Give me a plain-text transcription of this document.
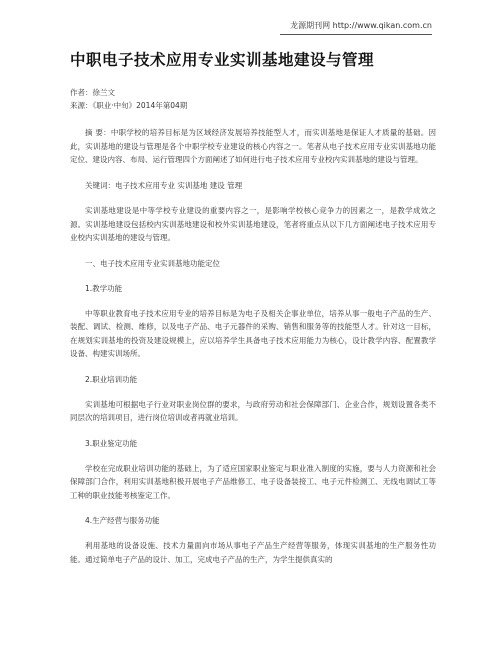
龙源期刊网 http://www.qikan.com.cn
中职电子技术应用专业实训基地建设与管理

作者：徐兰文

来源：《职业·中旬》2014年第04期

摘 要：中职学校的培养目标是为区域经济发展培养技能型人才，而实训基地是保证人才质量的基础。因此，实训基地的建设与管理是各个中职学校专业建设的核心内容之一。笔者从电子技术应用专业实训基地功能定位、建设内容、布局、运行管理四个方面阐述了如何进行电子技术应用专业校内实训基地的建设与管理。

关键词：电子技术应用专业 实训基地 建设 管理

实训基地建设是中等学校专业建设的重要内容之一，是影响学校核心竞争力的因素之一，是教学成效之源。实训基地建设包括校内实训基地建设和校外实训基地建设，笔者将重点从以下几方面阐述电子技术应用专业校内实训基地的建设与管理。

一、电子技术应用专业实训基地功能定位

1.教学功能

中等职业教育电子技术应用专业的培养目标是为电子及相关企事业单位，培养从事一般电子产品的生产、装配、调试、检测、维修，以及电子产品、电子元器件的采购、销售和服务等的技能型人才。针对这一目标，在规划实训基地的投资及建设规模上，应以培养学生具备电子技术应用能力为核心，设计教学内容、配置教学设备、构建实训场所。

2.职业培训功能

实训基地可根据电子行业对职业岗位群的要求，与政府劳动和社会保障部门、企业合作，规划设置各类不同层次的培训项目，进行岗位培训或者再就业培训。

3.职业鉴定功能

学校在完成职业培训功能的基础上，为了适应国家职业鉴定与职业准入制度的实施，要与人力资源和社会保障部门合作，利用实训基地积极开展电子产品维修工、电子设备装接工、电子元件检测工、无线电调试工等工种的职业技能考核鉴定工作。

4.生产经营与服务功能

利用基地的设备设施、技术力量面向市场从事电子产品生产经营等服务，体现实训基地的生产服务性功能。通过简单电子产品的设计、加工，完成电子产品的生产，为学生提供真实的
